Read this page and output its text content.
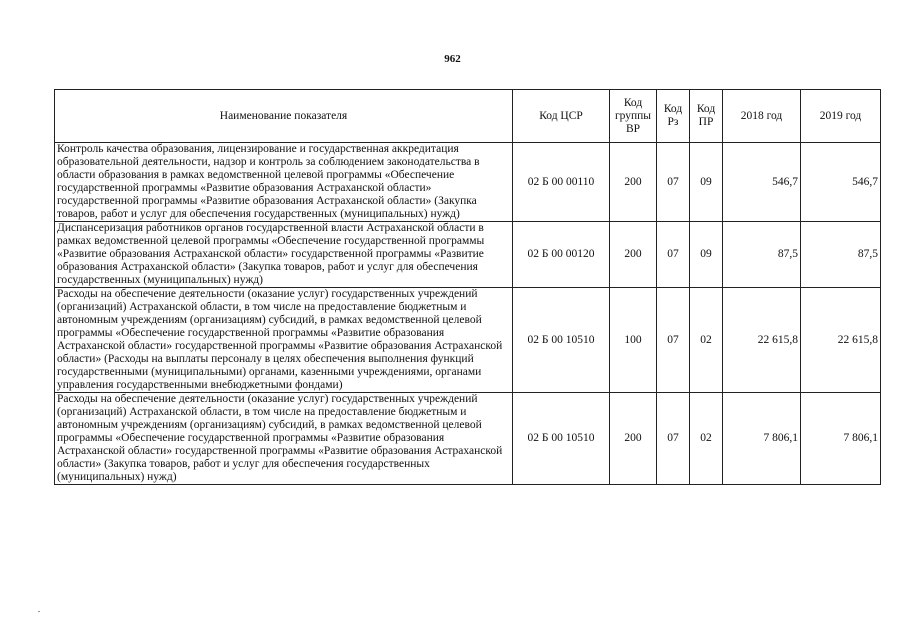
962
Наименование показателя	Код ЦСР	Код группы ВР	Код Рз	Код ПР	2018 год	2019 год
Контроль качества образования, лицензирование и государственная аккредитация образовательной деятельности, надзор и контроль за соблюдением законодательства в области образования в рамках ведомственной целевой программы «Обеспечение государственной программы «Развитие образования Астраханской области» государственной программы «Развитие образования Астраханской области» (Закупка товаров, работ и услуг для обеспечения государственных (муниципальных) нужд)	02 Б 00 00110	200	07	09	546,7	546,7
Диспансеризация работников органов государственной власти Астраханской области в рамках ведомственной целевой программы «Обеспечение государственной программы «Развитие образования Астраханской области» государственной программы «Развитие образования Астраханской области» (Закупка товаров, работ и услуг для обеспечения государственных (муниципальных) нужд)	02 Б 00 00120	200	07	09	87,5	87,5
Расходы на обеспечение деятельности (оказание услуг) государственных учреждений (организаций) Астраханской области, в том числе на предоставление бюджетным и автономным учреждениям (организациям) субсидий, в рамках ведомственной целевой программы «Обеспечение государственной программы «Развитие образования Астраханской области» государственной программы «Развитие образования Астраханской области» (Расходы на выплаты персоналу в целях обеспечения выполнения функций государственными (муниципальными) органами, казенными учреждениями, органами управления государственными внебюджетными фондами)	02 Б 00 10510	100	07	02	22 615,8	22 615,8
Расходы на обеспечение деятельности (оказание услуг) государственных учреждений (организаций) Астраханской области, в том числе на предоставление бюджетным и автономным учреждениям (организациям) субсидий, в рамках ведомственной целевой программы «Обеспечение государственной программы «Развитие образования Астраханской области» государственной программы «Развитие образования Астраханской области» (Закупка товаров, работ и услуг для обеспечения государственных (муниципальных) нужд)	02 Б 00 10510	200	07	02	7 806,1	7 806,1
